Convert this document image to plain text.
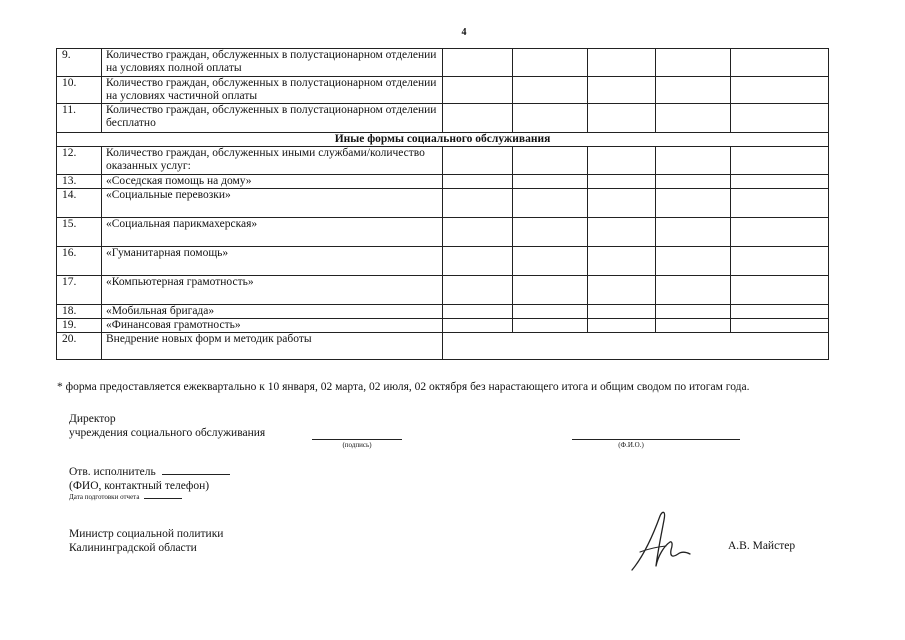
4
9.	Количество граждан, обслуженных в полустационарном отделении на условиях полной оплаты					
10.	Количество граждан, обслуженных в полустационарном отделении на условиях частичной оплаты					
11.	Количество граждан, обслуженных в полустационарном отделении бесплатно					
Иные формы социального обслуживания						
12.	Количество граждан, обслуженных иными службами/количество оказанных услуг:					
13.	«Соседская помощь на дому»					
14.	«Социальные перевозки»					
15.	«Социальная парикмахерская»					
16.	«Гуманитарная помощь»					
17.	«Компьютерная грамотность»					
18.	«Мобильная бригада»					
19.	«Финансовая грамотность»					
20.	Внедрение новых форм и методик работы					
* форма предоставляется ежеквартально к 10 января, 02 марта, 02 июля, 02 октября без нарастающего итога и общим сводом по итогам года.
Директор
учреждения социального обслуживания
(подпись)	(Ф.И.О.)
Отв. исполнитель
(ФИО, контактный телефон)
Дата подготовки отчета
Министр социальной политики
Калининградской области	А.В. Майстер
